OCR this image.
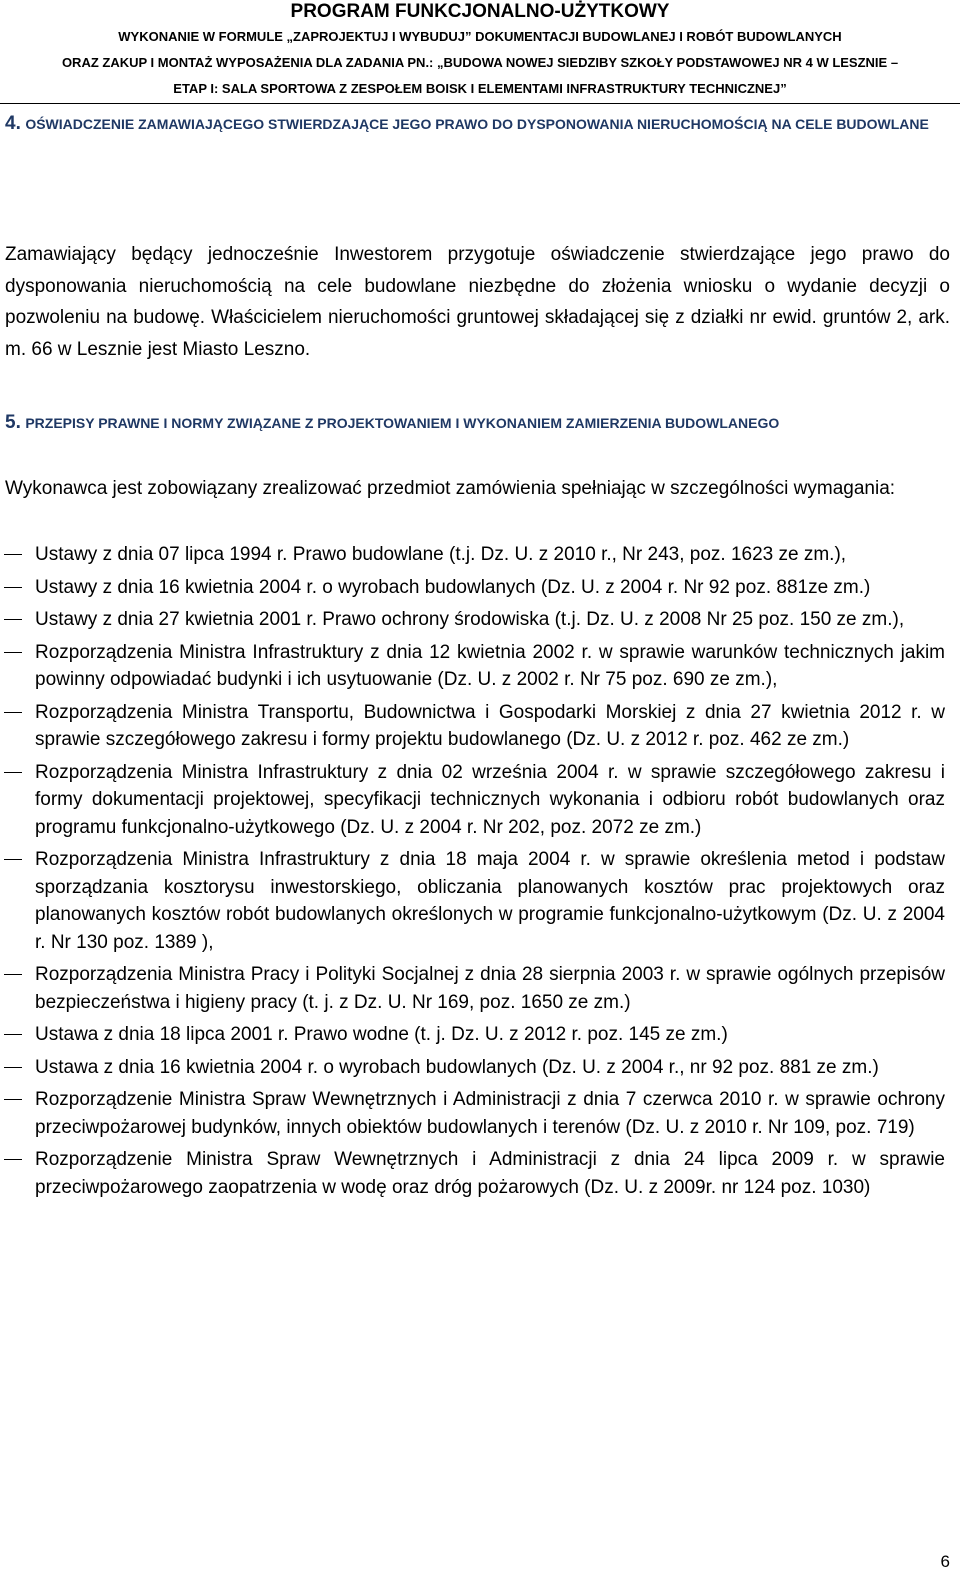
PROGRAM FUNKCJONALNO-UŻYTKOWY
WYKONANIE W FORMULE „ZAPROJEKTUJ I WYBUDUJ” DOKUMENTACJI BUDOWLANEJ I ROBÓT BUDOWLANYCH
ORAZ ZAKUP I MONTAŻ WYPOSAŻENIA DLA ZADANIA PN.: „BUDOWA NOWEJ SIEDZIBY SZKOŁY PODSTAWOWEJ NR 4 W LESZNIE –
ETAP I: SALA SPORTOWA Z ZESPOŁEM BOISK I ELEMENTAMI INFRASTRUKTURY TECHNICZNEJ”
4. OŚWIADCZENIE ZAMAWIAJĄCEGO STWIERDZAJĄCE JEGO PRAWO DO DYSPONOWANIA NIERUCHOMOŚCIĄ NA CELE BUDOWLANE
Zamawiający będący jednocześnie Inwestorem przygotuje oświadczenie stwierdzające jego prawo do dysponowania nieruchomością na cele budowlane niezbędne do złożenia wniosku o wydanie decyzji o pozwoleniu na budowę. Właścicielem nieruchomości gruntowej składającej się z działki nr ewid. gruntów 2, ark. m. 66 w Lesznie jest Miasto Leszno.
5. PRZEPISY PRAWNE I NORMY ZWIĄZANE Z PROJEKTOWANIEM I WYKONANIEM ZAMIERZENIA BUDOWLANEGO
Wykonawca jest zobowiązany zrealizować przedmiot zamówienia spełniając w szczególności wymagania:
Ustawy z dnia 07 lipca 1994 r. Prawo budowlane (t.j. Dz. U. z 2010 r., Nr 243, poz. 1623 ze zm.),
Ustawy z dnia 16 kwietnia 2004 r. o wyrobach budowlanych (Dz. U. z 2004 r. Nr 92 poz. 881ze zm.)
Ustawy z dnia 27 kwietnia 2001 r. Prawo ochrony środowiska (t.j. Dz. U. z 2008 Nr 25 poz. 150 ze zm.),
Rozporządzenia Ministra Infrastruktury z dnia 12 kwietnia 2002 r. w sprawie warunków technicznych jakim powinny odpowiadać budynki i ich usytuowanie (Dz. U. z 2002 r. Nr 75 poz. 690 ze zm.),
Rozporządzenia Ministra Transportu, Budownictwa i Gospodarki Morskiej z dnia 27 kwietnia 2012 r. w sprawie szczegółowego zakresu i formy projektu budowlanego (Dz. U. z 2012 r. poz. 462 ze zm.)
Rozporządzenia Ministra Infrastruktury z dnia 02 września 2004 r. w sprawie szczegółowego zakresu i formy dokumentacji projektowej, specyfikacji technicznych wykonania i odbioru robót budowlanych oraz programu funkcjonalno-użytkowego (Dz. U. z 2004 r. Nr 202, poz. 2072 ze zm.)
Rozporządzenia Ministra Infrastruktury z dnia 18 maja 2004 r. w sprawie określenia metod i podstaw sporządzania kosztorysu inwestorskiego, obliczania planowanych kosztów prac projektowych oraz planowanych kosztów robót budowlanych określonych w programie funkcjonalno-użytkowym (Dz. U. z 2004 r. Nr 130 poz. 1389 ),
Rozporządzenia Ministra Pracy i Polityki Socjalnej z dnia 28 sierpnia 2003 r. w sprawie ogólnych przepisów bezpieczeństwa i higieny pracy (t. j. z Dz. U. Nr 169, poz. 1650 ze zm.)
Ustawa z dnia 18 lipca 2001 r. Prawo wodne (t. j. Dz. U. z 2012 r. poz. 145 ze zm.)
Ustawa z dnia 16 kwietnia 2004 r. o wyrobach budowlanych (Dz. U. z 2004 r., nr 92 poz. 881 ze zm.)
Rozporządzenie Ministra Spraw Wewnętrznych i Administracji z dnia 7 czerwca 2010 r. w sprawie ochrony przeciwpożarowej budynków, innych obiektów budowlanych i terenów (Dz. U. z 2010 r. Nr 109, poz. 719)
Rozporządzenie Ministra Spraw Wewnętrznych i Administracji z dnia 24 lipca 2009 r. w sprawie przeciwpożarowego zaopatrzenia w wodę oraz dróg pożarowych (Dz. U. z 2009r. nr 124 poz. 1030)
6
